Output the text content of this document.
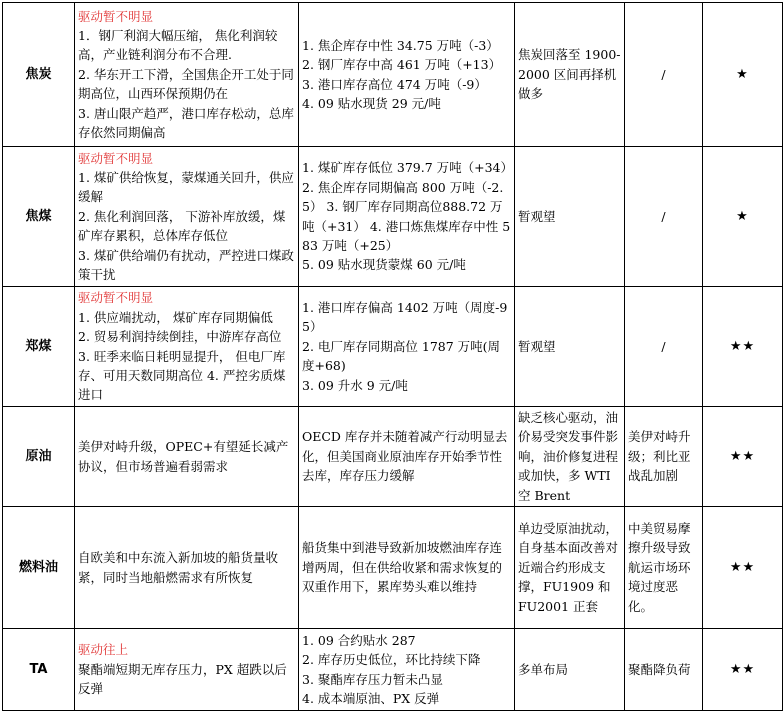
焦炭	驱动暂不明显
1．钢厂利润大幅压缩， 焦化利润较高，产业链利润分布不合理.
2. 华东开工下滑，全国焦企开工处于同期高位，山西环保预期仍在
3. 唐山限产趋严，港口库存松动，总库存依然同期偏高	1. 焦企库存中性 34.75 万吨（-3）
2. 钢厂库存中高 461 万吨（+13）
3. 港口库存高位 474 万吨（-9）
4. 09 贴水现货 29 元/吨	焦炭回落至 1900-2000 区间再择机做多	/	★
焦煤	驱动暂不明显
1. 煤矿供给恢复，蒙煤通关回升，供应缓解
2. 焦化利润回落， 下游补库放缓，煤矿库存累积，总体库存低位
3. 煤矿供给端仍有扰动，严控进口煤政策干扰	1. 煤矿库存低位 379.7 万吨（+34）
2. 焦企库存同期偏高 800 万吨（-2.5） 3. 钢厂库存同期高位888.72 万吨（+31） 4. 港口炼焦煤库存中性 583 万吨（+25）
5. 09 贴水现货蒙煤 60 元/吨	暂观望	/	★
郑煤	驱动暂不明显
1. 供应端扰动， 煤矿库存同期偏低
2. 贸易利润持续倒挂，中游库存高位 3. 旺季来临日耗明显提升， 但电厂库存、可用天数同期高位 4. 严控劣质煤进口	1. 港口库存偏高 1402 万吨（周度-95）
2. 电厂库存同期高位 1787 万吨(周度+68)
3. 09 升水 9 元/吨	暂观望	/	★★
原油	美伊对峙升级，OPEC+有望延长减产协议，但市场普遍看弱需求	OECD 库存并未随着减产行动明显去化，但美国商业原油库存开始季节性去库，库存压力缓解	缺乏核心驱动，油价易受突发事件影响，油价修复进程或加快，多 WTI 空 Brent	美伊对峙升级；利比亚战乱加剧	★★
燃料油	自欧美和中东流入新加坡的船货量收紧，同时当地船燃需求有所恢复	船货集中到港导致新加坡燃油库存连增两周，但在供给收紧和需求恢复的双重作用下，累库势头难以维持	单边受原油扰动，自身基本面改善对近端合约形成支撑，FU1909 和 FU2001 正套	中美贸易摩擦升级导致航运市场环境过度恶化。	★★
TA	驱动往上
聚酯端短期无库存压力，PX 超跌以后反弹	1. 09 合约贴水 287
2. 库存历史低位，环比持续下降
3. 聚酯库存压力暂未凸显
4. 成本端原油、PX 反弹	多单布局	聚酯降负荷	★★
